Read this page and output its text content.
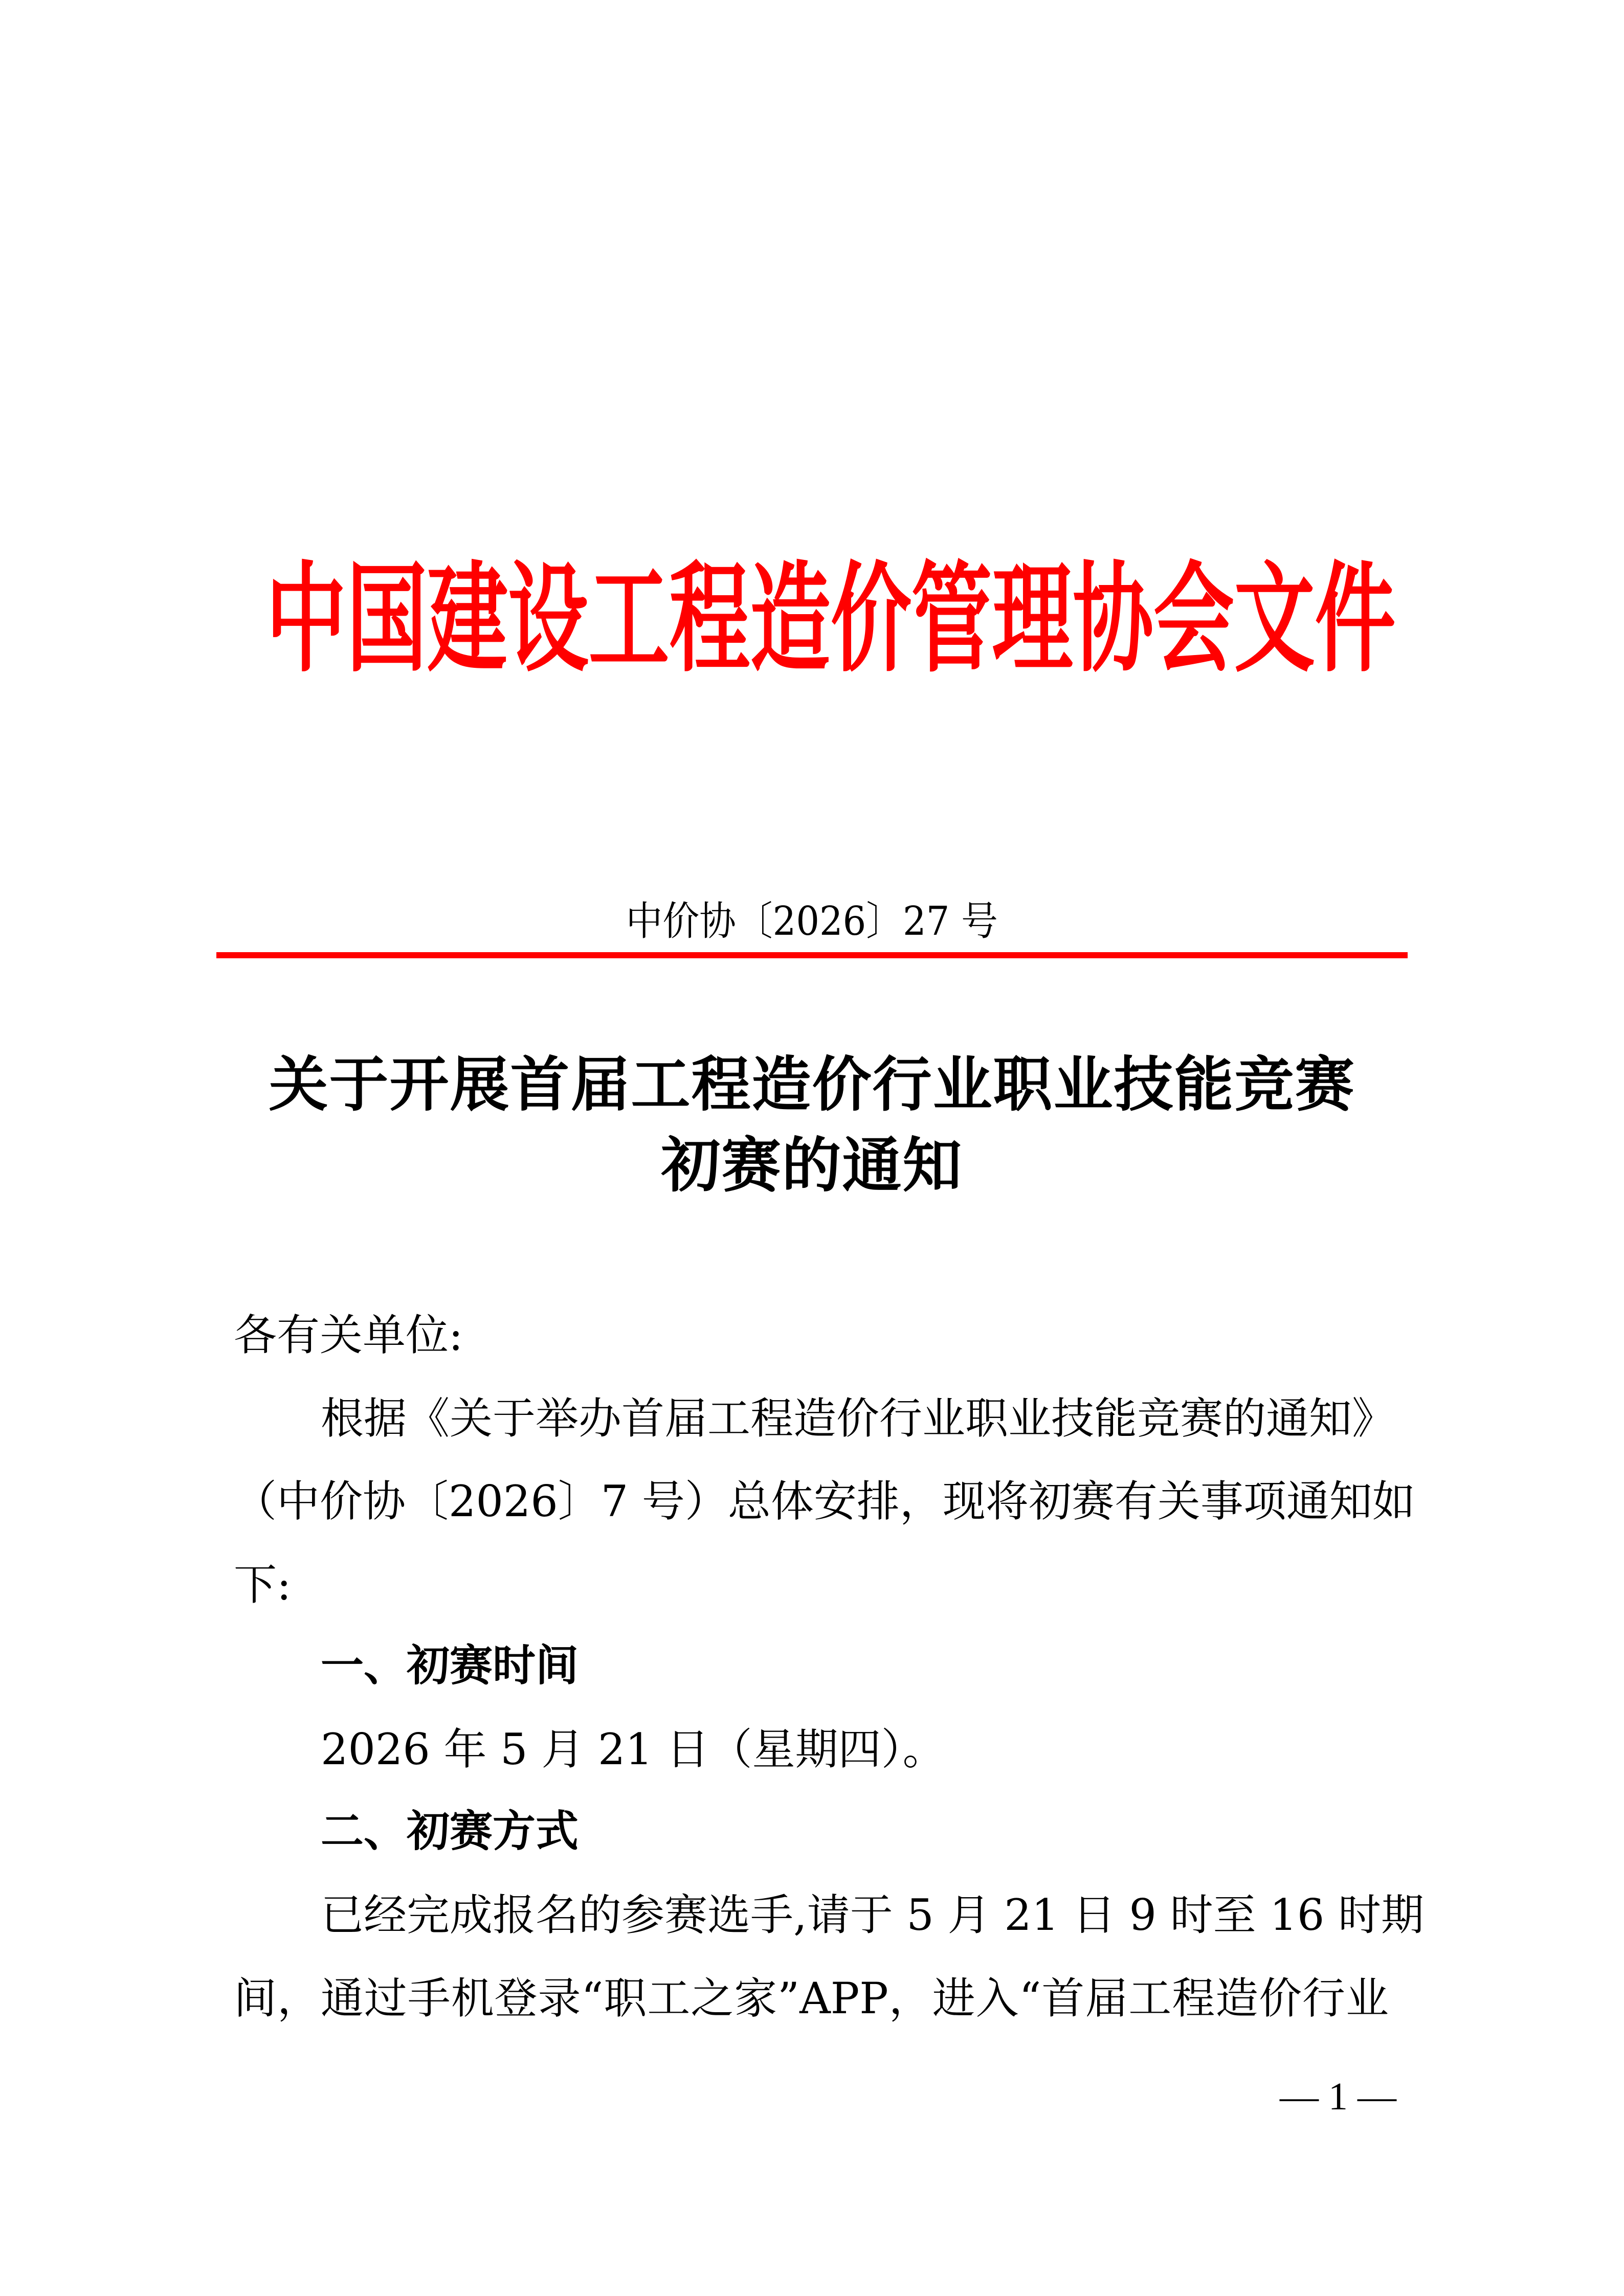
中国建设工程造价管理协会文件
中价协〔2026〕27 号
关于开展首届工程造价行业职业技能竞赛
初赛的通知
各有关单位:
根据《关于举办首届工程造价行业职业技能竞赛的通知》
（中价协〔2026〕7 号）总体安排，现将初赛有关事项通知如
下:
一、初赛时间
2026 年 5 月 21 日（星期四）。
二、初赛方式
已经完成报名的参赛选手,请于 5 月 21 日 9 时至 16 时期
间，通过手机登录“职工之家”APP，进入“首届工程造价行业
— 1 —
